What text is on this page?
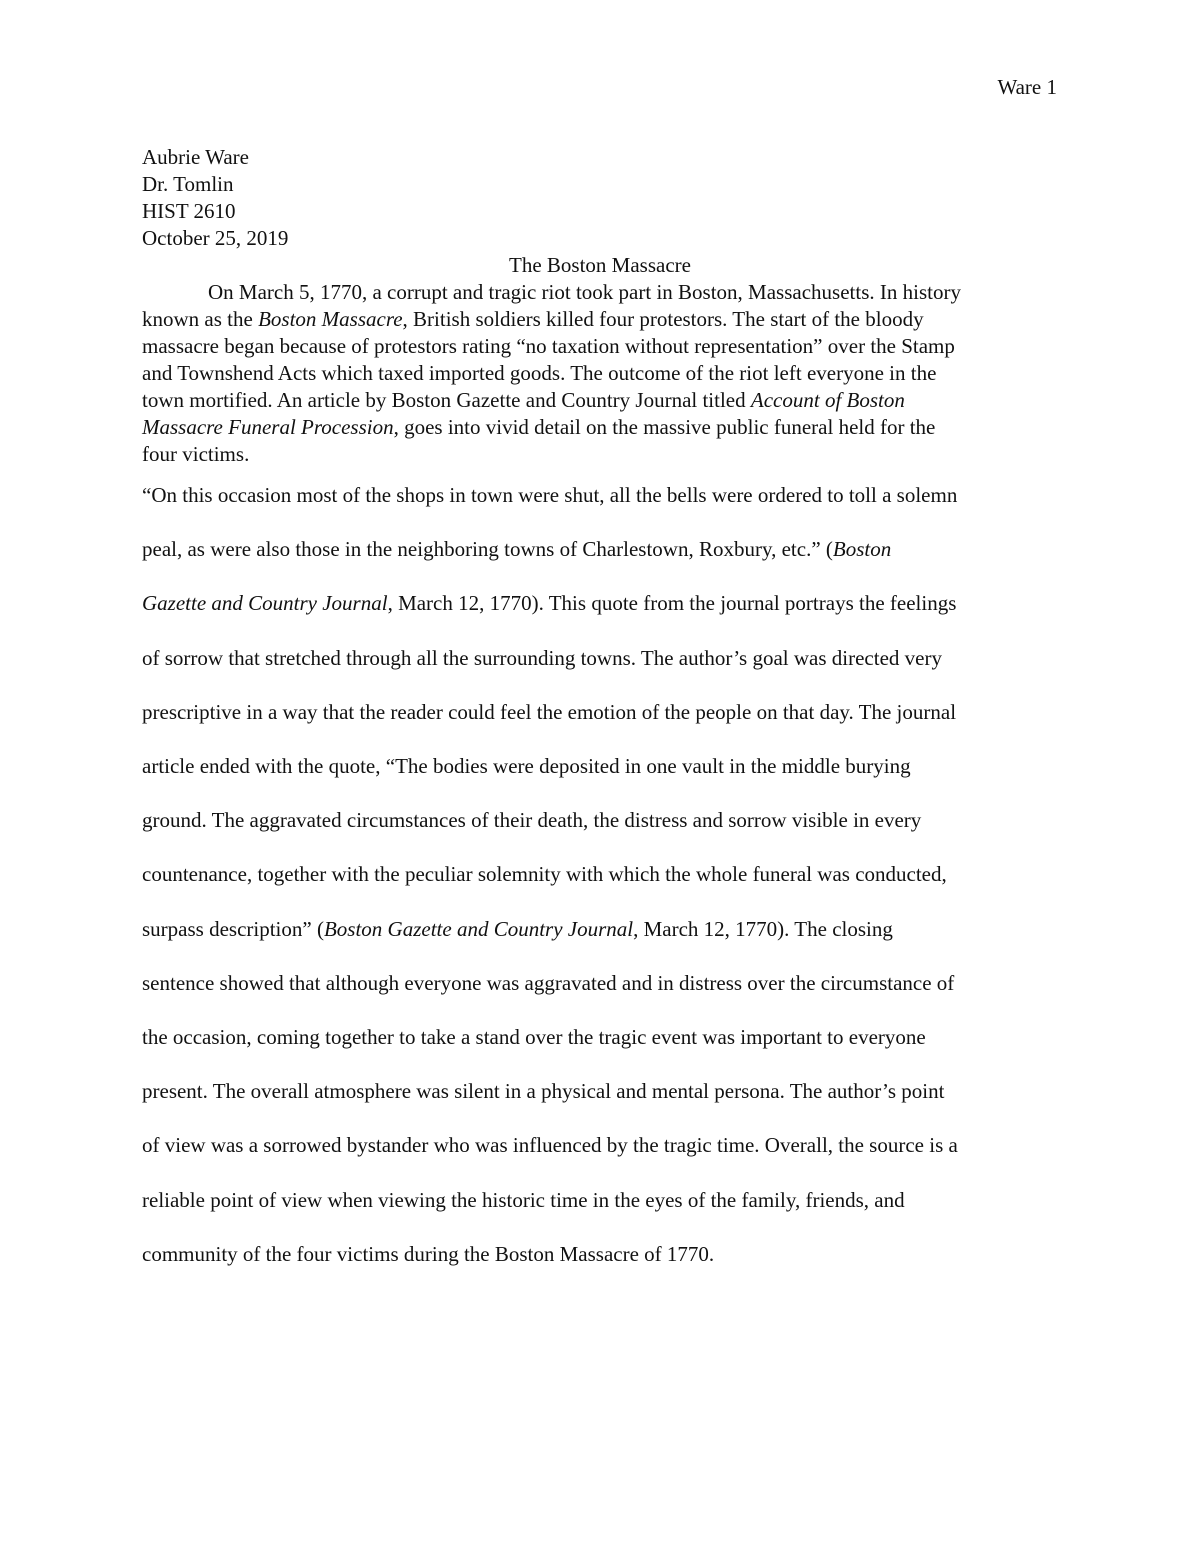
Ware 1
Aubrie Ware
Dr. Tomlin
HIST 2610
October 25, 2019
The Boston Massacre
On March 5, 1770, a corrupt and tragic riot took part in Boston, Massachusetts. In history
known as the Boston Massacre, British soldiers killed four protestors. The start of the bloody
massacre began because of protestors rating “no taxation without representation” over the Stamp
and Townshend Acts which taxed imported goods. The outcome of the riot left everyone in the
town mortified. An article by Boston Gazette and Country Journal titled Account of Boston
Massacre Funeral Procession, goes into vivid detail on the massive public funeral held for the
four victims.
“On this occasion most of the shops in town were shut, all the bells were ordered to toll a solemn
peal, as were also those in the neighboring towns of Charlestown, Roxbury, etc.” (Boston
Gazette and Country Journal, March 12, 1770). This quote from the journal portrays the feelings
of sorrow that stretched through all the surrounding towns. The author’s goal was directed very
prescriptive in a way that the reader could feel the emotion of the people on that day. The journal
article ended with the quote, “The bodies were deposited in one vault in the middle burying
ground. The aggravated circumstances of their death, the distress and sorrow visible in every
countenance, together with the peculiar solemnity with which the whole funeral was conducted,
surpass description” (Boston Gazette and Country Journal, March 12, 1770). The closing
sentence showed that although everyone was aggravated and in distress over the circumstance of
the occasion, coming together to take a stand over the tragic event was important to everyone
present. The overall atmosphere was silent in a physical and mental persona. The author’s point
of view was a sorrowed bystander who was influenced by the tragic time. Overall, the source is a
reliable point of view when viewing the historic time in the eyes of the family, friends, and
community of the four victims during the Boston Massacre of 1770.
